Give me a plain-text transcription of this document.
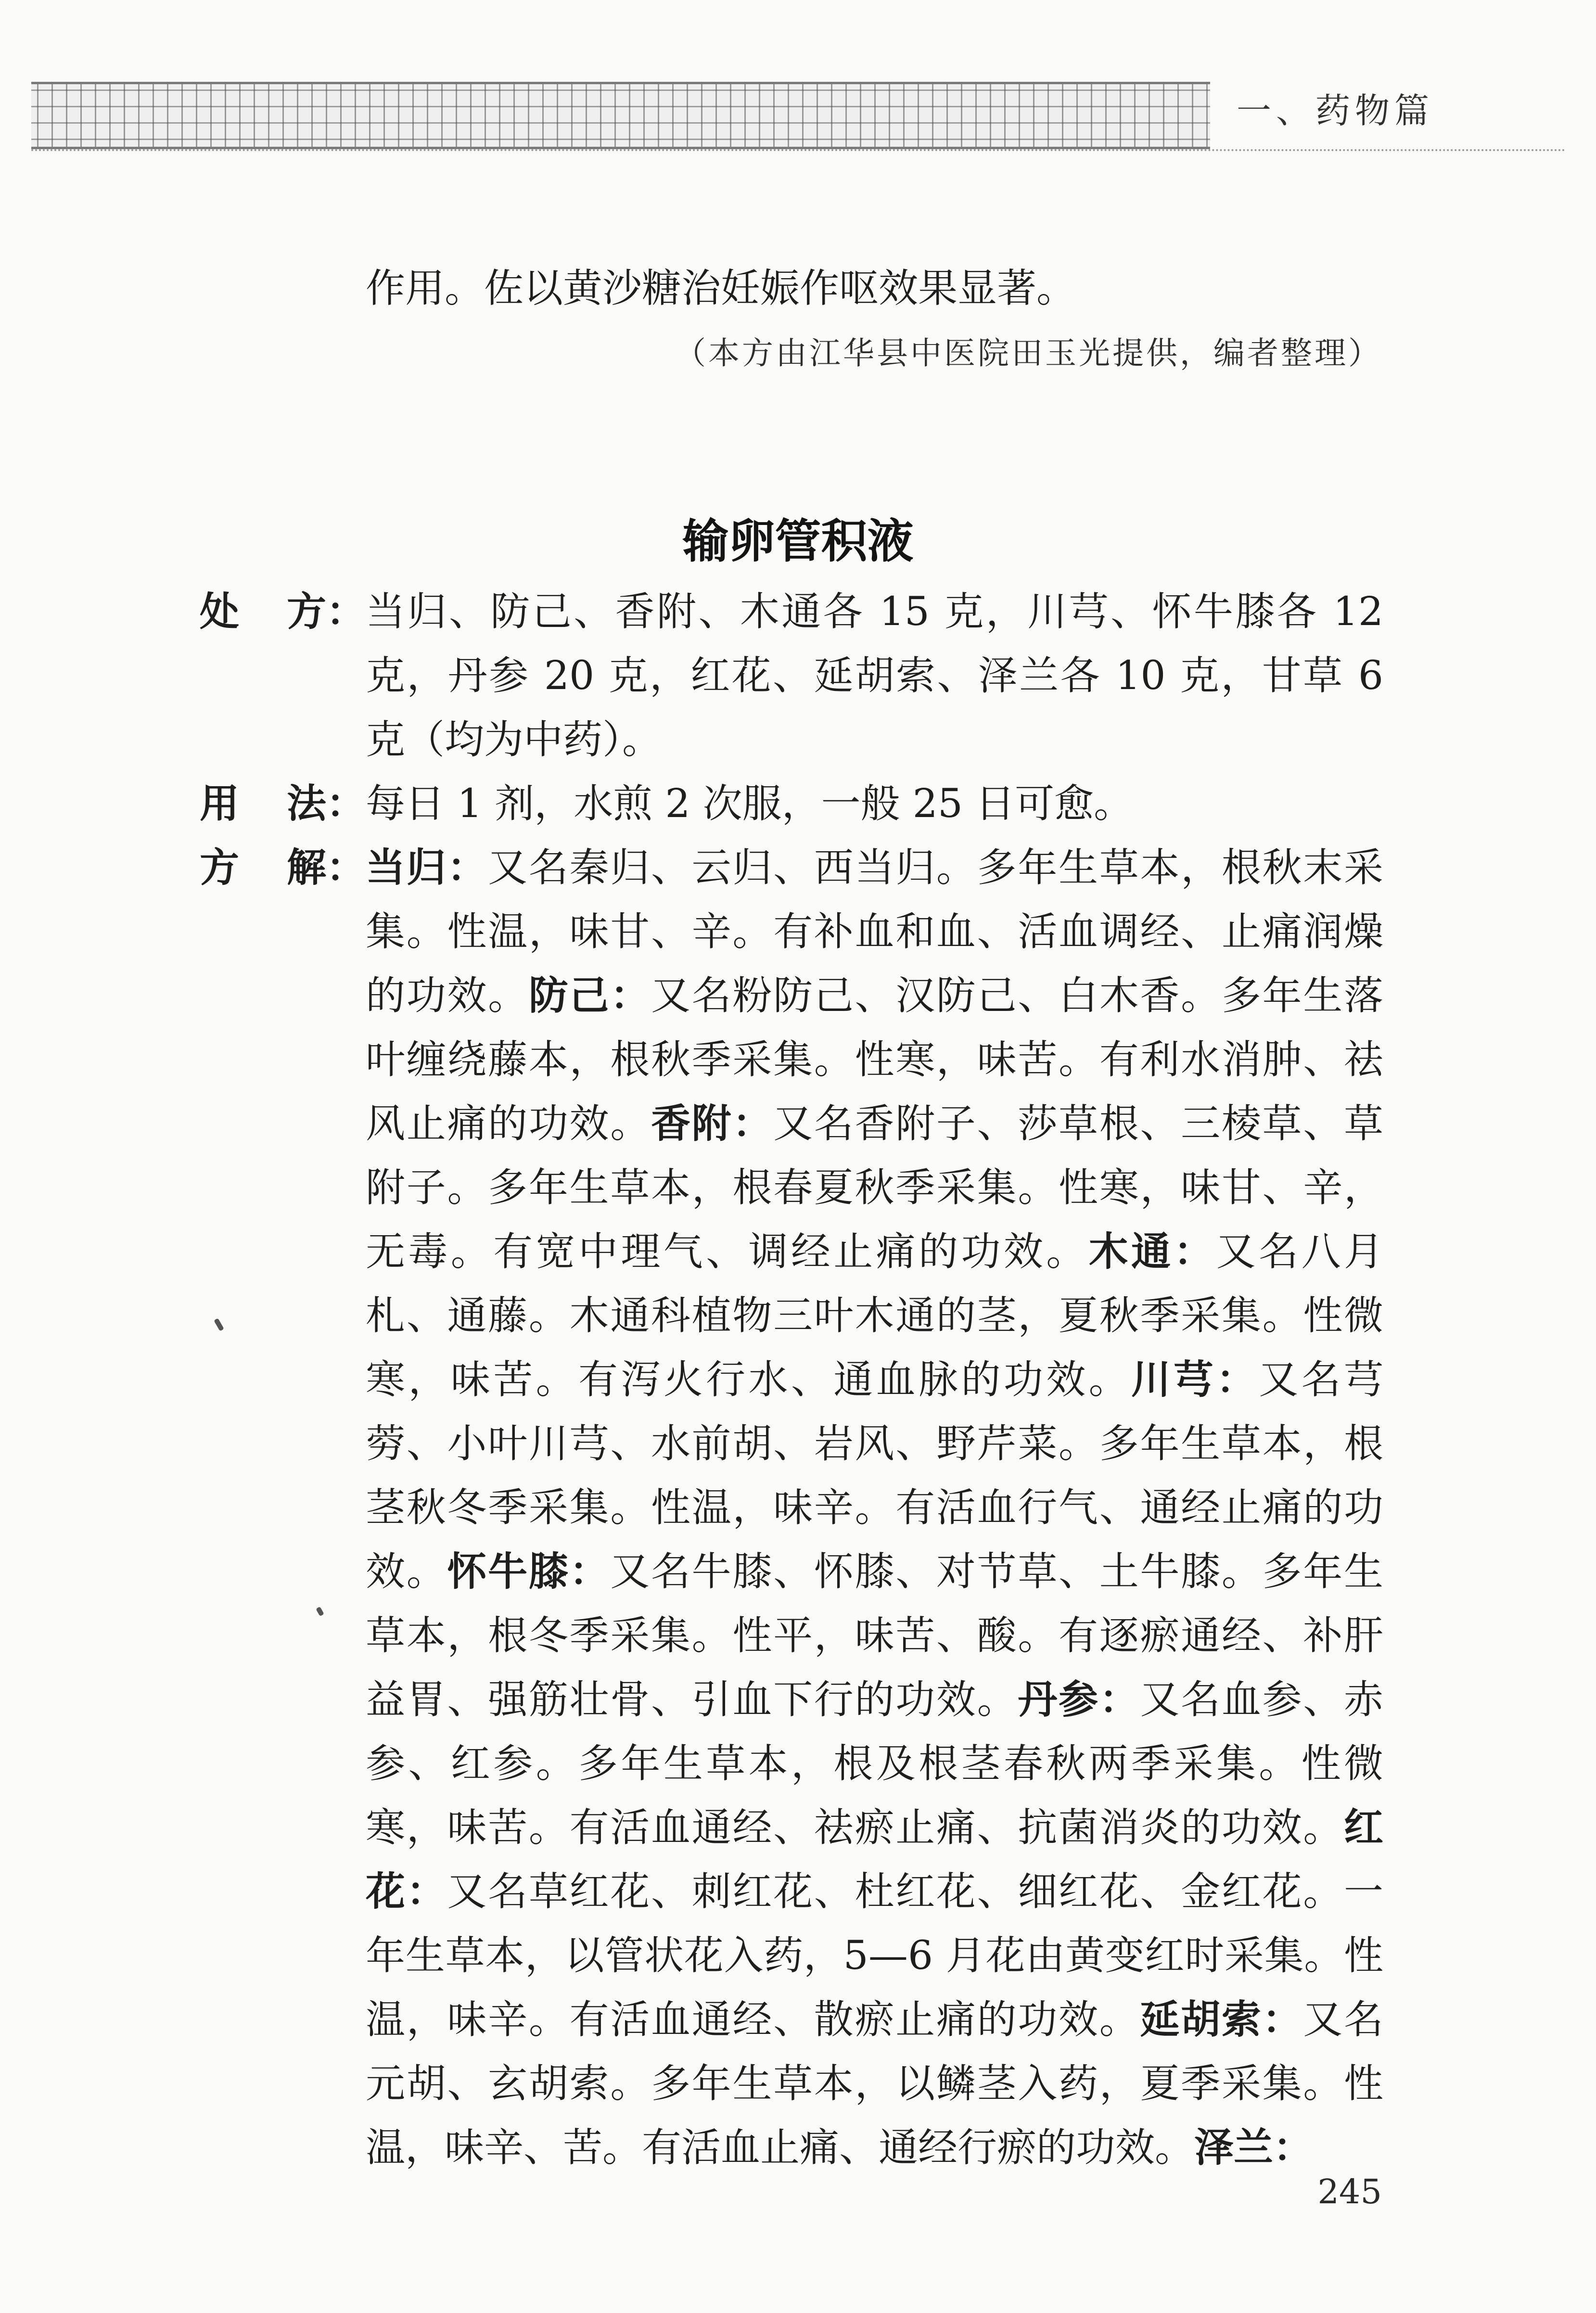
一、药物篇
作用。佐以黄沙糖治妊娠作呕效果显著。
（本方由江华县中医院田玉光提供，编者整理）
输卵管积液
处	方： 当归、防己、香附、木通各 15 克，川芎、怀牛膝各 12 克，丹参 20 克，红花、延胡索、泽兰各 10 克，甘草 6 克（均为中药）。
用	法： 每日 1 剂，水煎 2 次服，一般 25 日可愈。
方	解： 当归：又名秦归、云归、西当归。多年生草本，根秋末采集。性温，味甘、辛。有补血和血、活血调经、止痛润燥的功效。防己：又名粉防己、汉防己、白木香。多年生落叶缠绕藤本，根秋季采集。性寒，味苦。有利水消肿、祛风止痛的功效。香附：又名香附子、莎草根、三棱草、草附子。多年生草本，根春夏秋季采集。性寒，味甘、辛，无毒。有宽中理气、调经止痛的功效。木通：又名八月札、通藤。木通科植物三叶木通的茎，夏秋季采集。性微寒，味苦。有泻火行水、通血脉的功效。川芎：又名芎䓖、小叶川芎、水前胡、岩风、野芹菜。多年生草本，根茎秋冬季采集。性温，味辛。有活血行气、通经止痛的功效。怀牛膝：又名牛膝、怀膝、对节草、土牛膝。多年生草本，根冬季采集。性平，味苦、酸。有逐瘀通经、补肝益胃、强筋壮骨、引血下行的功效。丹参：又名血参、赤参、红参。多年生草本，根及根茎春秋两季采集。性微寒，味苦。有活血通经、祛瘀止痛、抗菌消炎的功效。红花：又名草红花、刺红花、杜红花、细红花、金红花。一年生草本，以管状花入药，5—6 月花由黄变红时采集。性温，味辛。有活血通经、散瘀止痛的功效。延胡索：又名元胡、玄胡索。多年生草本，以鳞茎入药，夏季采集。性温，味辛、苦。有活血止痛、通经行瘀的功效。泽兰：
245
